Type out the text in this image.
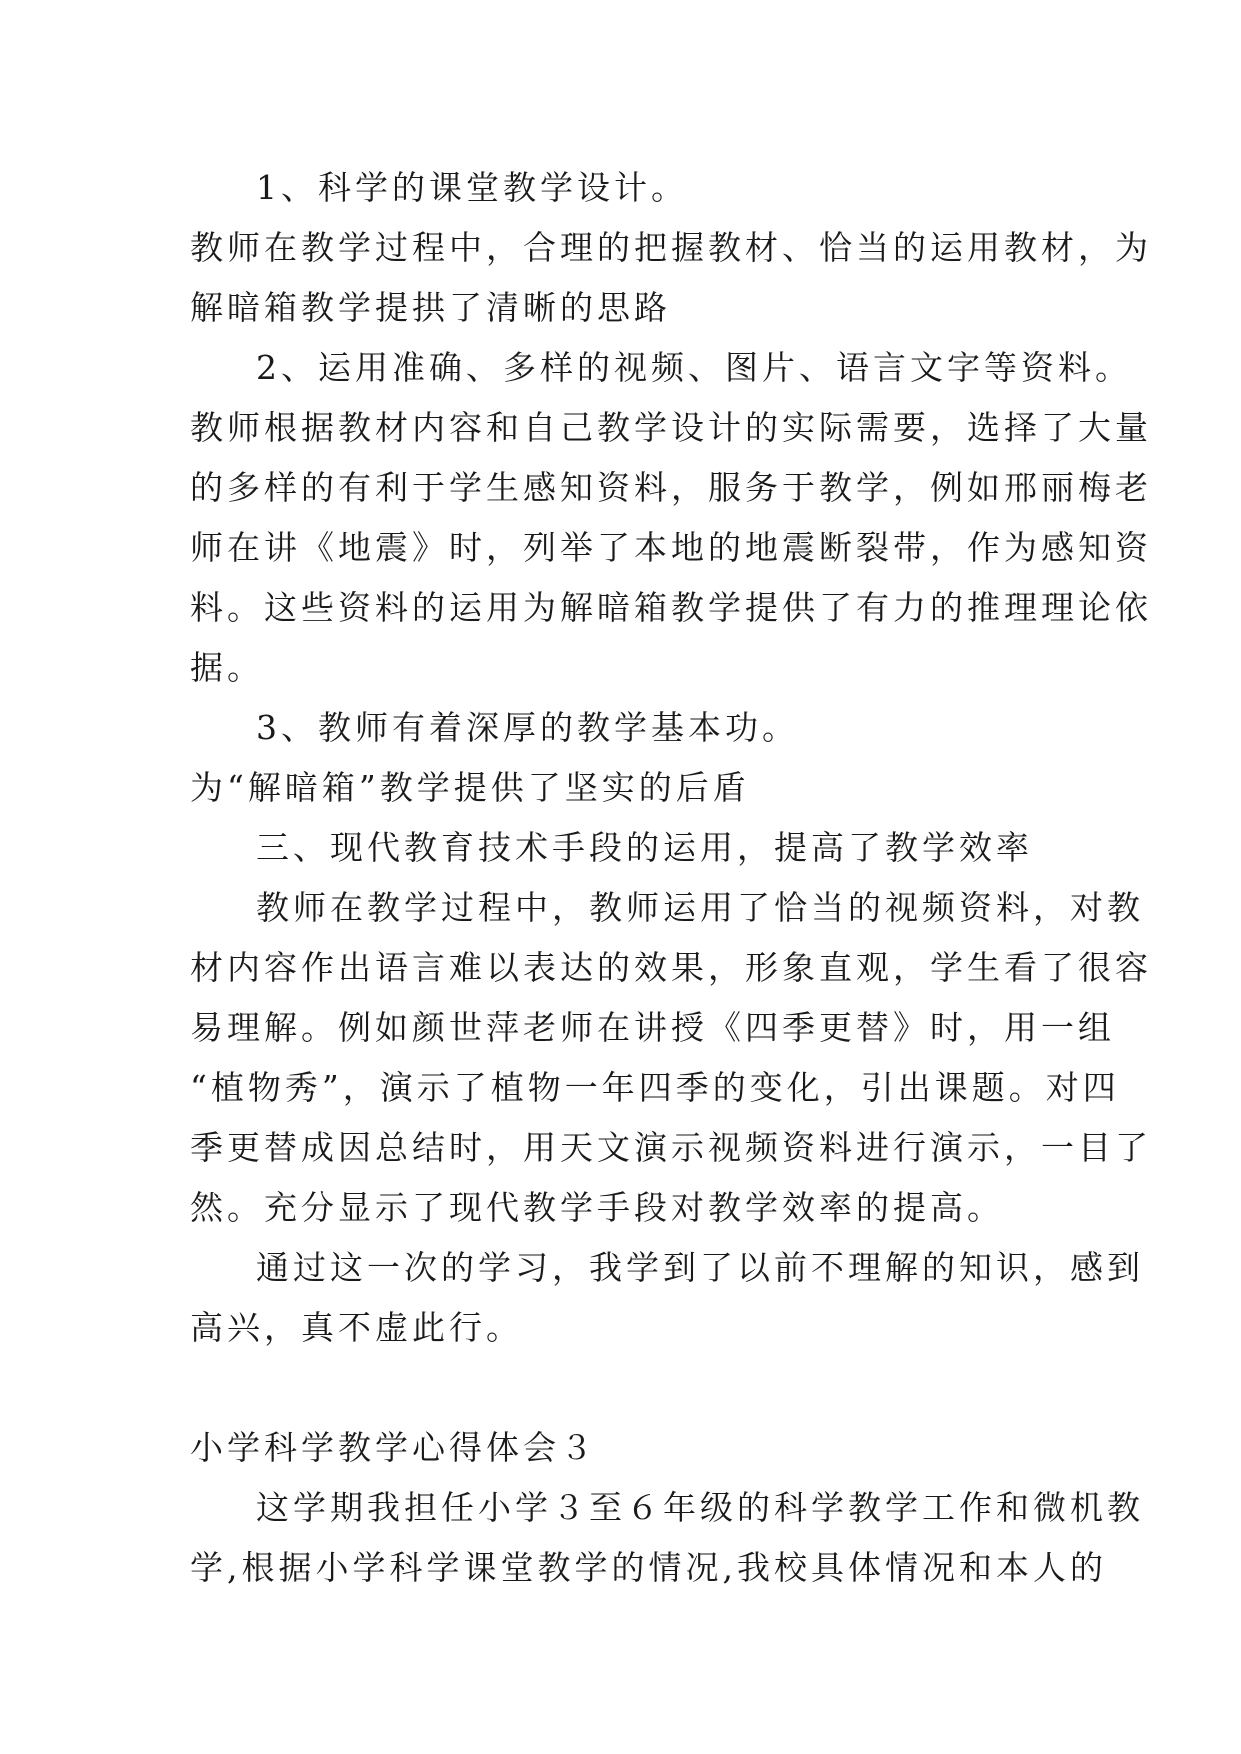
1、科学的课堂教学设计。
教师在教学过程中，合理的把握教材、恰当的运用教材，为
解暗箱教学提拱了清晰的思路
2、运用准确、多样的视频、图片、语言文字等资料。
教师根据教材内容和自己教学设计的实际需要，选择了大量
的多样的有利于学生感知资料，服务于教学，例如邢丽梅老
师在讲《地震》时，列举了本地的地震断裂带，作为感知资
料。这些资料的运用为解暗箱教学提供了有力的推理理论依
据。
3、教师有着深厚的教学基本功。
为“解暗箱”教学提供了坚实的后盾
三、现代教育技术手段的运用，提高了教学效率
教师在教学过程中，教师运用了恰当的视频资料，对教
材内容作出语言难以表达的效果，形象直观，学生看了很容
易理解。例如颜世萍老师在讲授《四季更替》时，用一组
“植物秀”，演示了植物一年四季的变化，引出课题。对四
季更替成因总结时，用天文演示视频资料进行演示，一目了
然。充分显示了现代教学手段对教学效率的提高。
通过这一次的学习，我学到了以前不理解的知识，感到
高兴，真不虚此行。
小学科学教学心得体会３
这学期我担任小学３至６年级的科学教学工作和微机教
学,根据小学科学课堂教学的情况,我校具体情况和本人的
